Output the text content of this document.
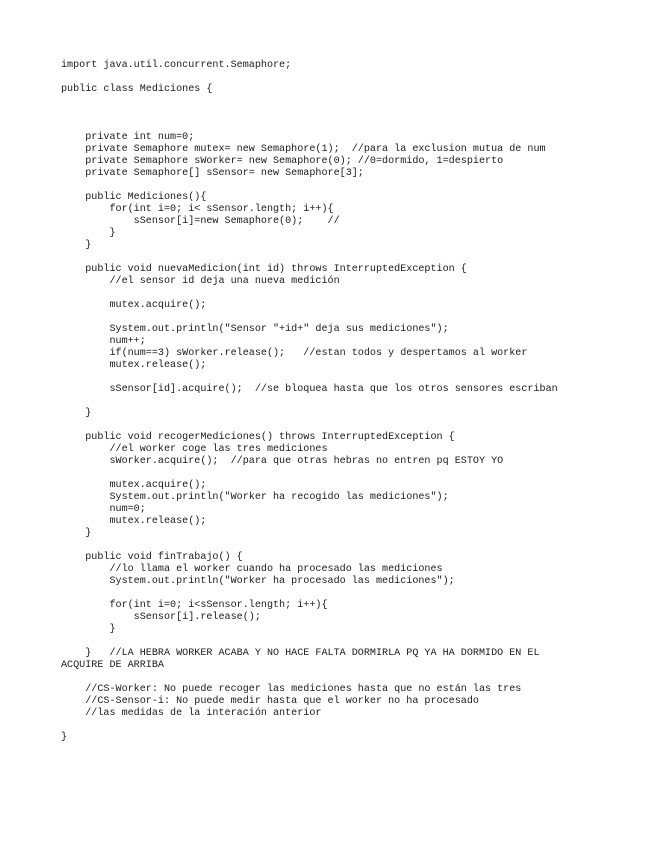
import java.util.concurrent.Semaphore;
public class Mediciones {
private int num=0;
private Semaphore mutex= new Semaphore(1);  //para la exclusion mutua de num
private Semaphore sWorker= new Semaphore(0); //0=dormido, 1=despierto
private Semaphore[] sSensor= new Semaphore[3];
public Mediciones(){
for(int i=0; i< sSensor.length; i++){
sSensor[i]=new Semaphore(0);    //
}
}
public void nuevaMedicion(int id) throws InterruptedException {
//el sensor id deja una nueva medición
mutex.acquire();
System.out.println("Sensor "+id+" deja sus mediciones");
num++;
if(num==3) sWorker.release();   //estan todos y despertamos al worker
mutex.release();
sSensor[id].acquire();  //se bloquea hasta que los otros sensores escriban
}
public void recogerMediciones() throws InterruptedException {
//el worker coge las tres mediciones
sWorker.acquire();  //para que otras hebras no entren pq ESTOY YO
mutex.acquire();
System.out.println("Worker ha recogido las mediciones");
num=0;
mutex.release();
}
public void finTrabajo() {
//lo llama el worker cuando ha procesado las mediciones
System.out.println("Worker ha procesado las mediciones");
for(int i=0; i<sSensor.length; i++){
sSensor[i].release();
}
}   //LA HEBRA WORKER ACABA Y NO HACE FALTA DORMIRLA PQ YA HA DORMIDO EN EL
ACQUIRE DE ARRIBA
//CS-Worker: No puede recoger las mediciones hasta que no están las tres
//CS-Sensor-i: No puede medir hasta que el worker no ha procesado
//las medidas de la interación anterior
}
